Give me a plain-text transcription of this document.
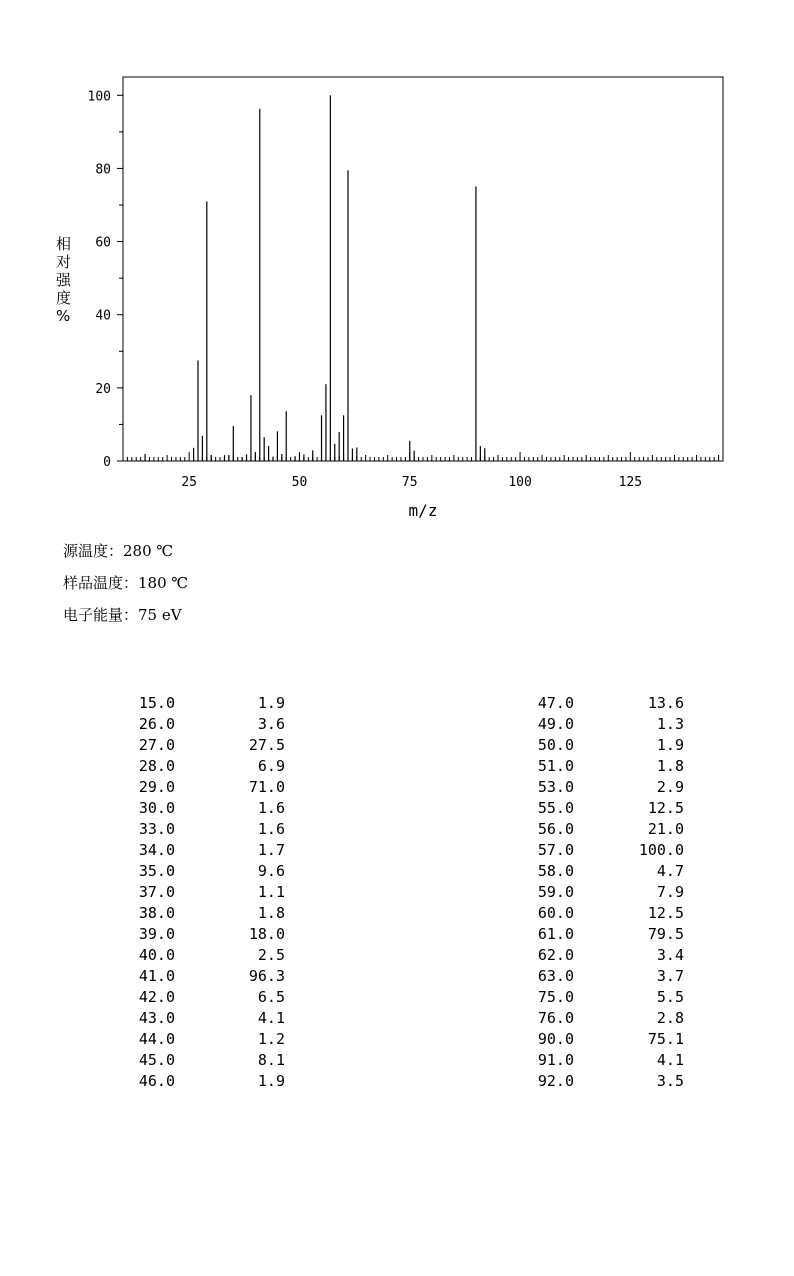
0
20
40
60
80
100
25	50	75	100	125
m/z
相 对 强 度 %
源温度：280 ℃
样品温度：180 ℃
电子能量：75 eV
15.0	1.9
26.0	3.6
27.0	27.5
28.0	6.9
29.0	71.0
30.0	1.6
33.0	1.6
34.0	1.7
35.0	9.6
37.0	1.1
38.0	1.8
39.0	18.0
40.0	2.5
41.0	96.3
42.0	6.5
43.0	4.1
44.0	1.2
45.0	8.1
46.0	1.9
47.0	13.6
49.0	1.3
50.0	1.9
51.0	1.8
53.0	2.9
55.0	12.5
56.0	21.0
57.0	100.0
58.0	4.7
59.0	7.9
60.0	12.5
61.0	79.5
62.0	3.4
63.0	3.7
75.0	5.5
76.0	2.8
90.0	75.1
91.0	4.1
92.0	3.5
